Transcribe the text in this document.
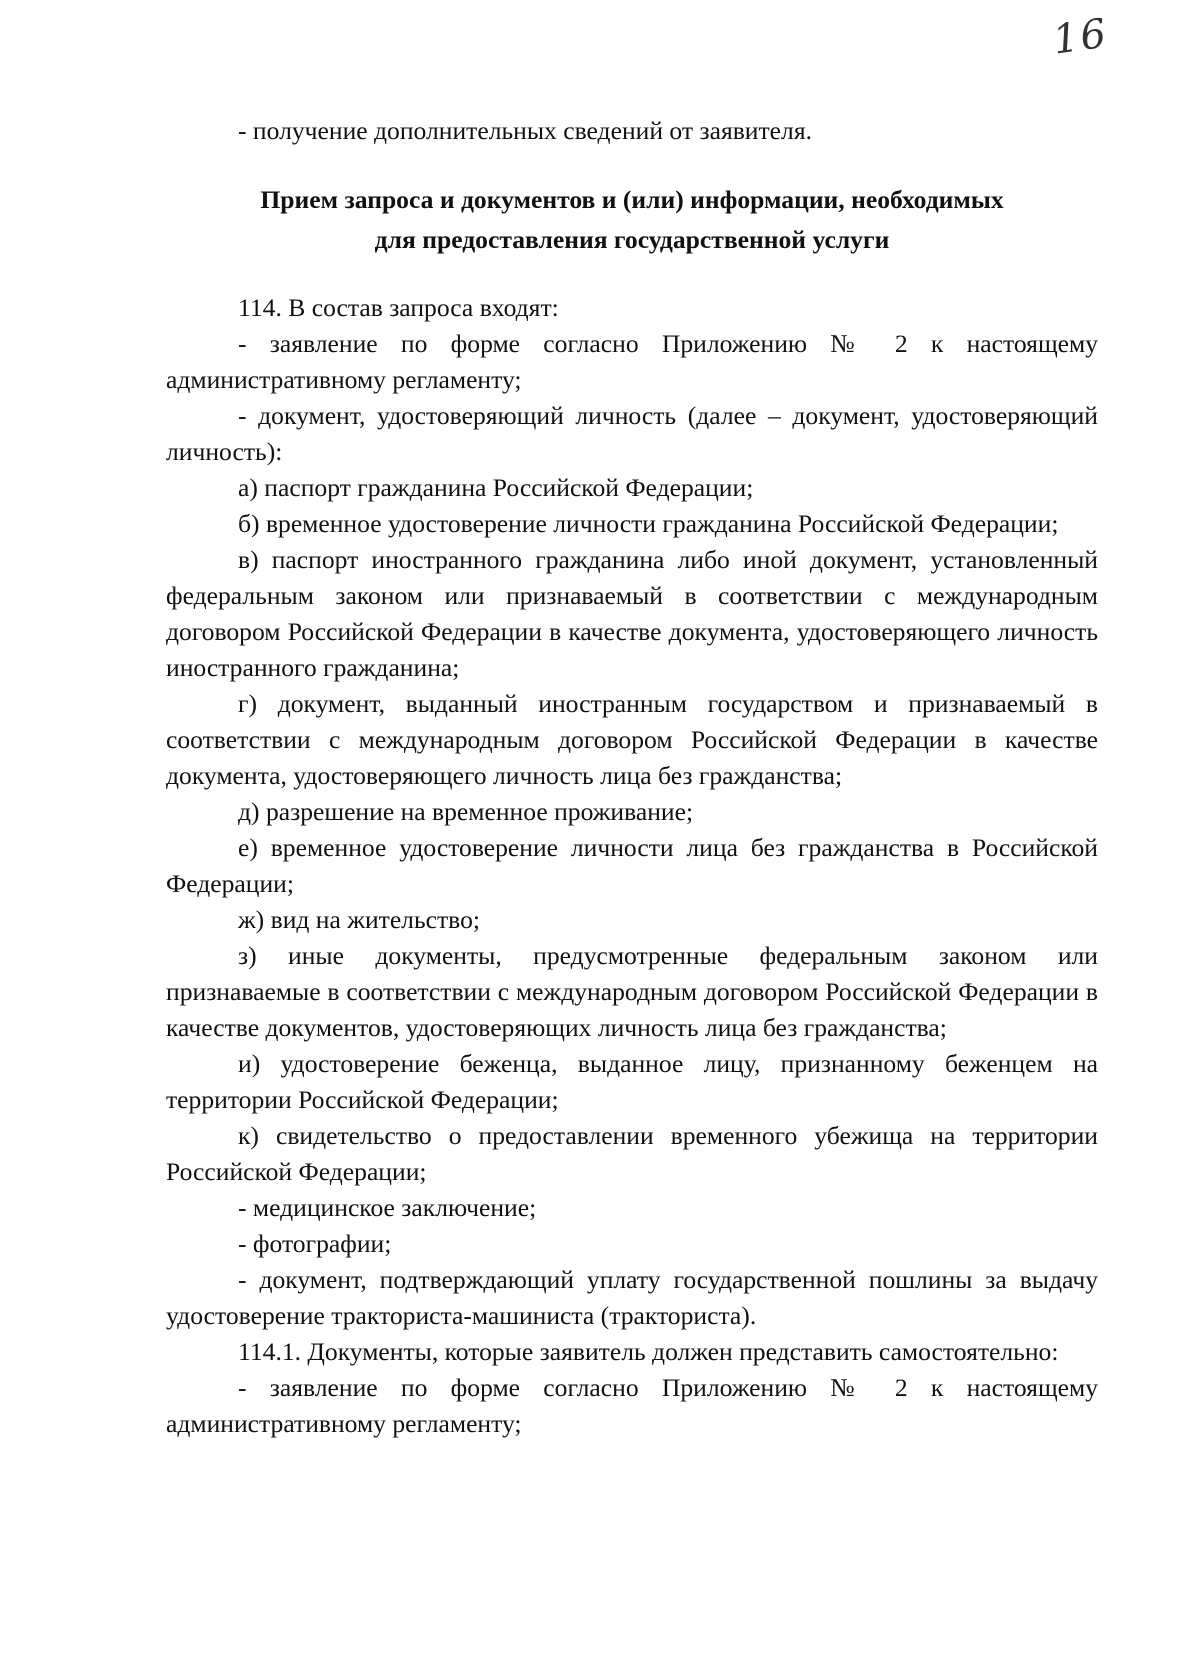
16

- получение дополнительных сведений от заявителя.

Прием запроса и документов и (или) информации, необходимых
для предоставления государственной услуги

114. В состав запроса входят:

- заявление по форме согласно Приложению № 2 к настоящему административному регламенту;

- документ, удостоверяющий личность (далее – документ, удостоверяющий личность):

а) паспорт гражданина Российской Федерации;

б) временное удостоверение личности гражданина Российской Федерации;

в) паспорт иностранного гражданина либо иной документ, установленный федеральным законом или признаваемый в соответствии с международным договором Российской Федерации в качестве документа, удостоверяющего личность иностранного гражданина;

г) документ, выданный иностранным государством и признаваемый в соответствии с международным договором Российской Федерации в качестве документа, удостоверяющего личность лица без гражданства;

д) разрешение на временное проживание;

е) временное удостоверение личности лица без гражданства в Российской Федерации;

ж) вид на жительство;

з) иные документы, предусмотренные федеральным законом или признаваемые в соответствии с международным договором Российской Федерации в качестве документов, удостоверяющих личность лица без гражданства;

и) удостоверение беженца, выданное лицу, признанному беженцем на территории Российской Федерации;

к) свидетельство о предоставлении временного убежища на территории Российской Федерации;

- медицинское заключение;

- фотографии;

- документ, подтверждающий уплату государственной пошлины за выдачу удостоверение тракториста-машиниста (тракториста).

114.1. Документы, которые заявитель должен представить самостоятельно:

- заявление по форме согласно Приложению № 2 к настоящему административному регламенту;
